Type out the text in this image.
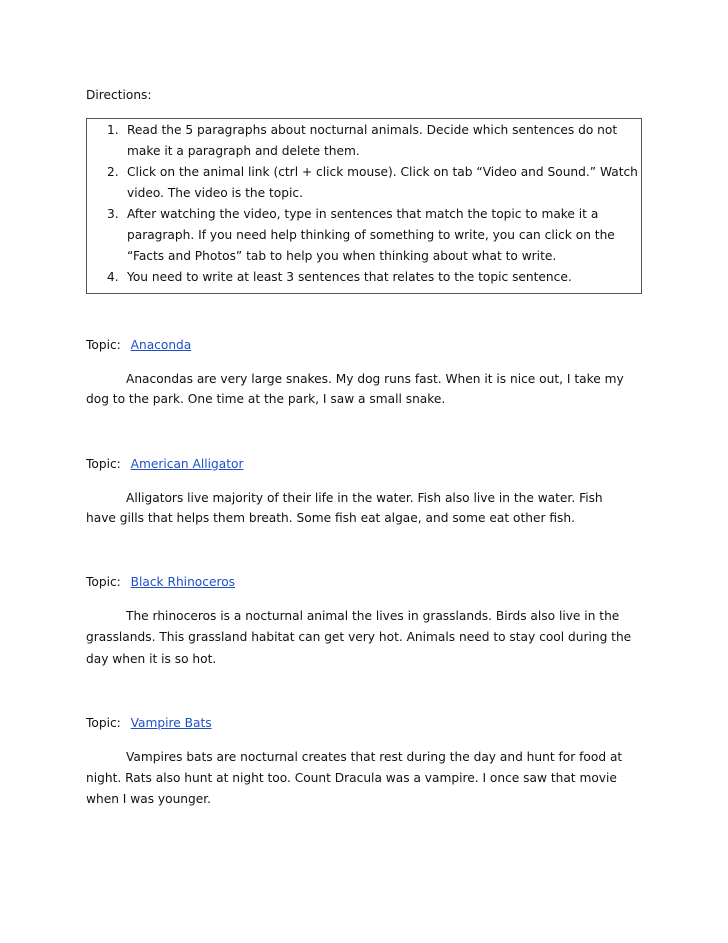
Directions:
1. Read the 5 paragraphs about nocturnal animals. Decide which sentences do not
make it a paragraph and delete them.
2. Click on the animal link (ctrl + click mouse). Click on tab “Video and Sound.” Watch
video. The video is the topic.
3. After watching the video, type in sentences that match the topic to make it a
paragraph. If you need help thinking of something to write, you can click on the
“Facts and Photos” tab to help you when thinking about what to write.
4. You need to write at least 3 sentences that relates to the topic sentence.
Topic: Anaconda
Anacondas are very large snakes. My dog runs fast. When it is nice out, I take my
dog to the park. One time at the park, I saw a small snake.
Topic: American Alligator
Alligators live majority of their life in the water. Fish also live in the water. Fish
have gills that helps them breath. Some fish eat algae, and some eat other fish.
Topic: Black Rhinoceros
The rhinoceros is a nocturnal animal the lives in grasslands. Birds also live in the
grasslands. This grassland habitat can get very hot. Animals need to stay cool during the
day when it is so hot.
Topic: Vampire Bats
Vampires bats are nocturnal creates that rest during the day and hunt for food at
night. Rats also hunt at night too. Count Dracula was a vampire. I once saw that movie
when I was younger.
